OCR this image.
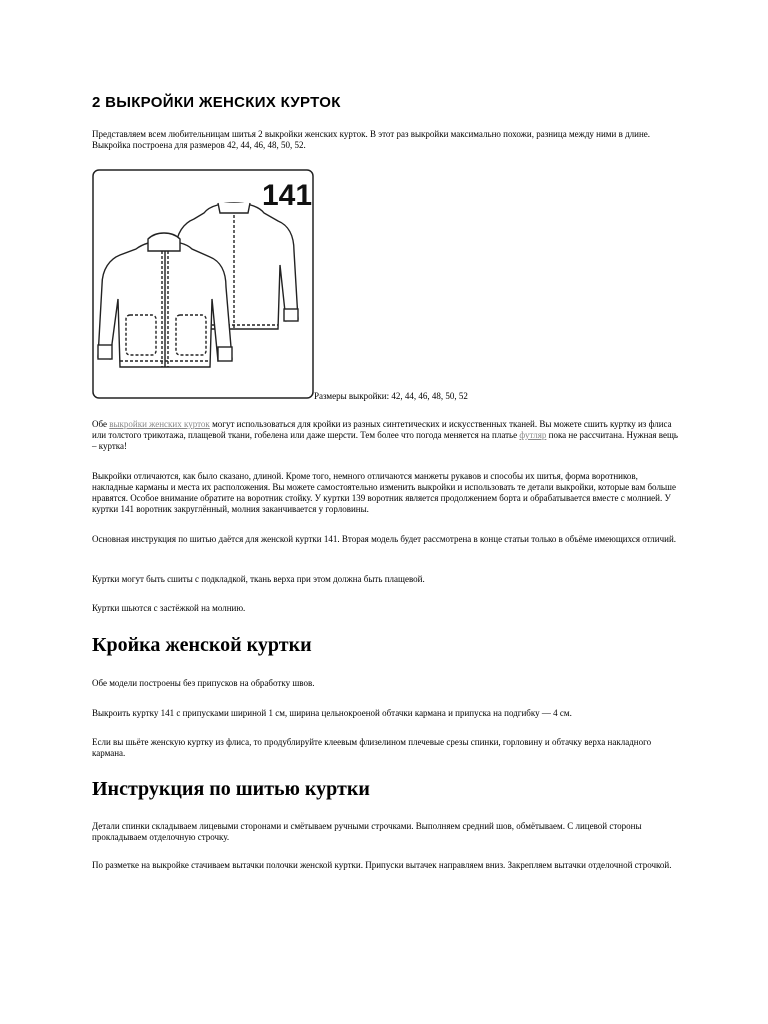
2 ВЫКРОЙКИ ЖЕНСКИХ КУРТОК

Представляем всем любительницам шитья 2 выкройки женских курток. В этот раз выкройки максимально похожи, разница между ними в длине. Выкройка построена для размеров 42, 44, 46, 48, 50, 52.

141
Размеры выкройки: 42, 44, 46, 48, 50, 52

Обе выкройки женских курток могут использоваться для кройки из разных синтетических и искусственных тканей. Вы можете сшить куртку из флиса или толстого трикотажа, плащевой ткани, гобелена или даже шерсти. Тем более что погода меняется на платье футляр пока не рассчитана. Нужная вещь – куртка!

Выкройки отличаются, как было сказано, длиной. Кроме того, немного отличаются манжеты рукавов и способы их шитья, форма воротников, накладные карманы и места их расположения. Вы можете самостоятельно изменить выкройки и использовать те детали выкройки, которые вам больше нравятся. Особое внимание обратите на воротник стойку. У куртки 139 воротник является продолжением борта и обрабатывается вместе с молнией. У куртки 141 воротник закруглённый, молния заканчивается у горловины.

Основная инструкция по шитью даётся для женской куртки 141. Вторая модель будет рассмотрена в конце статьи только в объёме имеющихся отличий.

Куртки могут быть сшиты с подкладкой, ткань верха при этом должна быть плащевой.

Куртки шьются с застёжкой на молнию.

Кройка женской куртки

Обе модели построены без припусков на обработку швов.

Выкроить куртку 141 с припусками шириной 1 см, ширина цельнокроеной обтачки кармана и припуска на подгибку — 4 см.

Если вы шьёте женскую куртку из флиса, то продублируйте клеевым флизелином плечевые срезы спинки, горловину и обтачку верха накладного кармана.

Инструкция по шитью куртки

Детали спинки складываем лицевыми сторонами и смётываем ручными строчками. Выполняем средний шов, обмётываем. С лицевой стороны прокладываем отделочную строчку.

По разметке на выкройке стачиваем вытачки полочки женской куртки. Припуски вытачек направляем вниз. Закрепляем вытачки отделочной строчкой.
